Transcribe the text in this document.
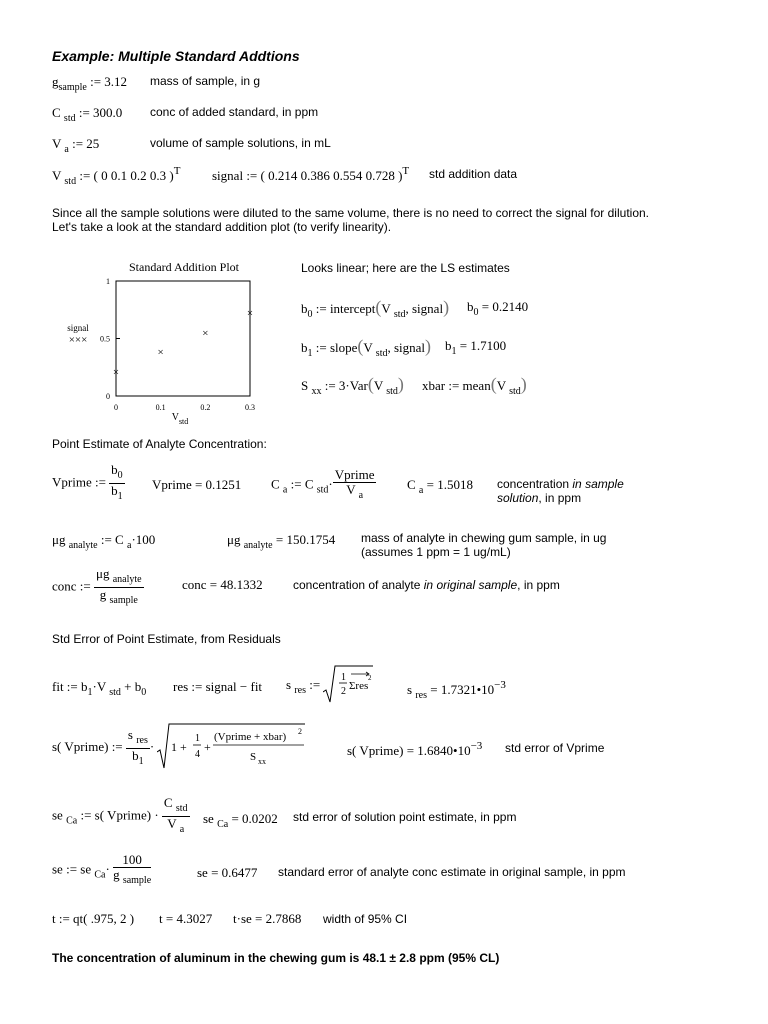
Example: Multiple Standard Addtions
$g_{sample}$ := 3.12 mass of sample, in g
C $_{std}$ := 300.0 conc of added standard, in ppm
V $_a$ := 25	volume of sample solutions, in mL
V $_{std}$ := ( 0 0.1 0.2 0.3 )$^T$ signal := ( 0.214 0.386 0.554 0.728 )$^T$ std addition data
Since all the sample solutions were diluted to the same volume, there is no need to correct the signal for dilution.
Let's take a look at the standard addition plot (to verify linearity).
Standard Addition Plot
0
0.5
1
0	0.1	0.2	0.3
×
×
×
×
signal
×××
$V_{std}$
Looks linear; here are the LS estimates
$b_0$ := intercept(V $_{std}$, signal) $b_0 = 0.2140$
$b_1$ := slope(V $_{std}$, signal) $b_1 = 1.7100$
S $_{xx}$ := 3·Var(V $_{std}$) xbar := mean(V $_{std}$)
Point Estimate of Analyte Concentration:
Vprime := $\frac{b_0}{b_1}$ Vprime = 0.1251 C $_a$ := C $_{std}\cdot \frac{\text{Vprime}}{V _a}$ C $_a$ = 1.5018 concentration in sample
solution, in ppm
μg $_{analyte}$ := C $_a$·100	μg $_{analyte}$ = 150.1754 mass of analyte in chewing gum sample, in ug
(assumes 1 ppm = 1 ug/mL)
conc := $\frac{\mu g _{analyte}}{g _{sample}}$	conc = 48.1332	concentration of analyte in original sample, in ppm
Std Error of Point Estimate, from Residuals
fit := $b_1\cdot V$ $_{std} + b_0$ res := signal − fit s $_{res}$ := 1
2 Σres
2
s $_{res} = 1.7321•10^{-3}$
s( Vprime) := $\frac{s _{res}}{b_1} \cdot 1$ +
1
4
+
(Vprime + xbar) 2
S xx
s( Vprime) = $1.6840•10^{-3}$ std error of Vprime
se $_{Ca}$ := s( Vprime) · $\frac{C _{std}}{V _a}$ se $_{Ca}$ = 0.0202 std error of solution point estimate, in ppm
se := se $_{Ca}\cdot \frac{100}{g _{sample}}$	se = 0.6477 standard error of analyte conc estimate in original sample, in ppm
t := qt( .975, 2 ) t = 4.3027 t·se = 2.7868 width of 95% CI
The concentration of aluminum in the chewing gum is 48.1 ± 2.8 ppm (95% CL)
